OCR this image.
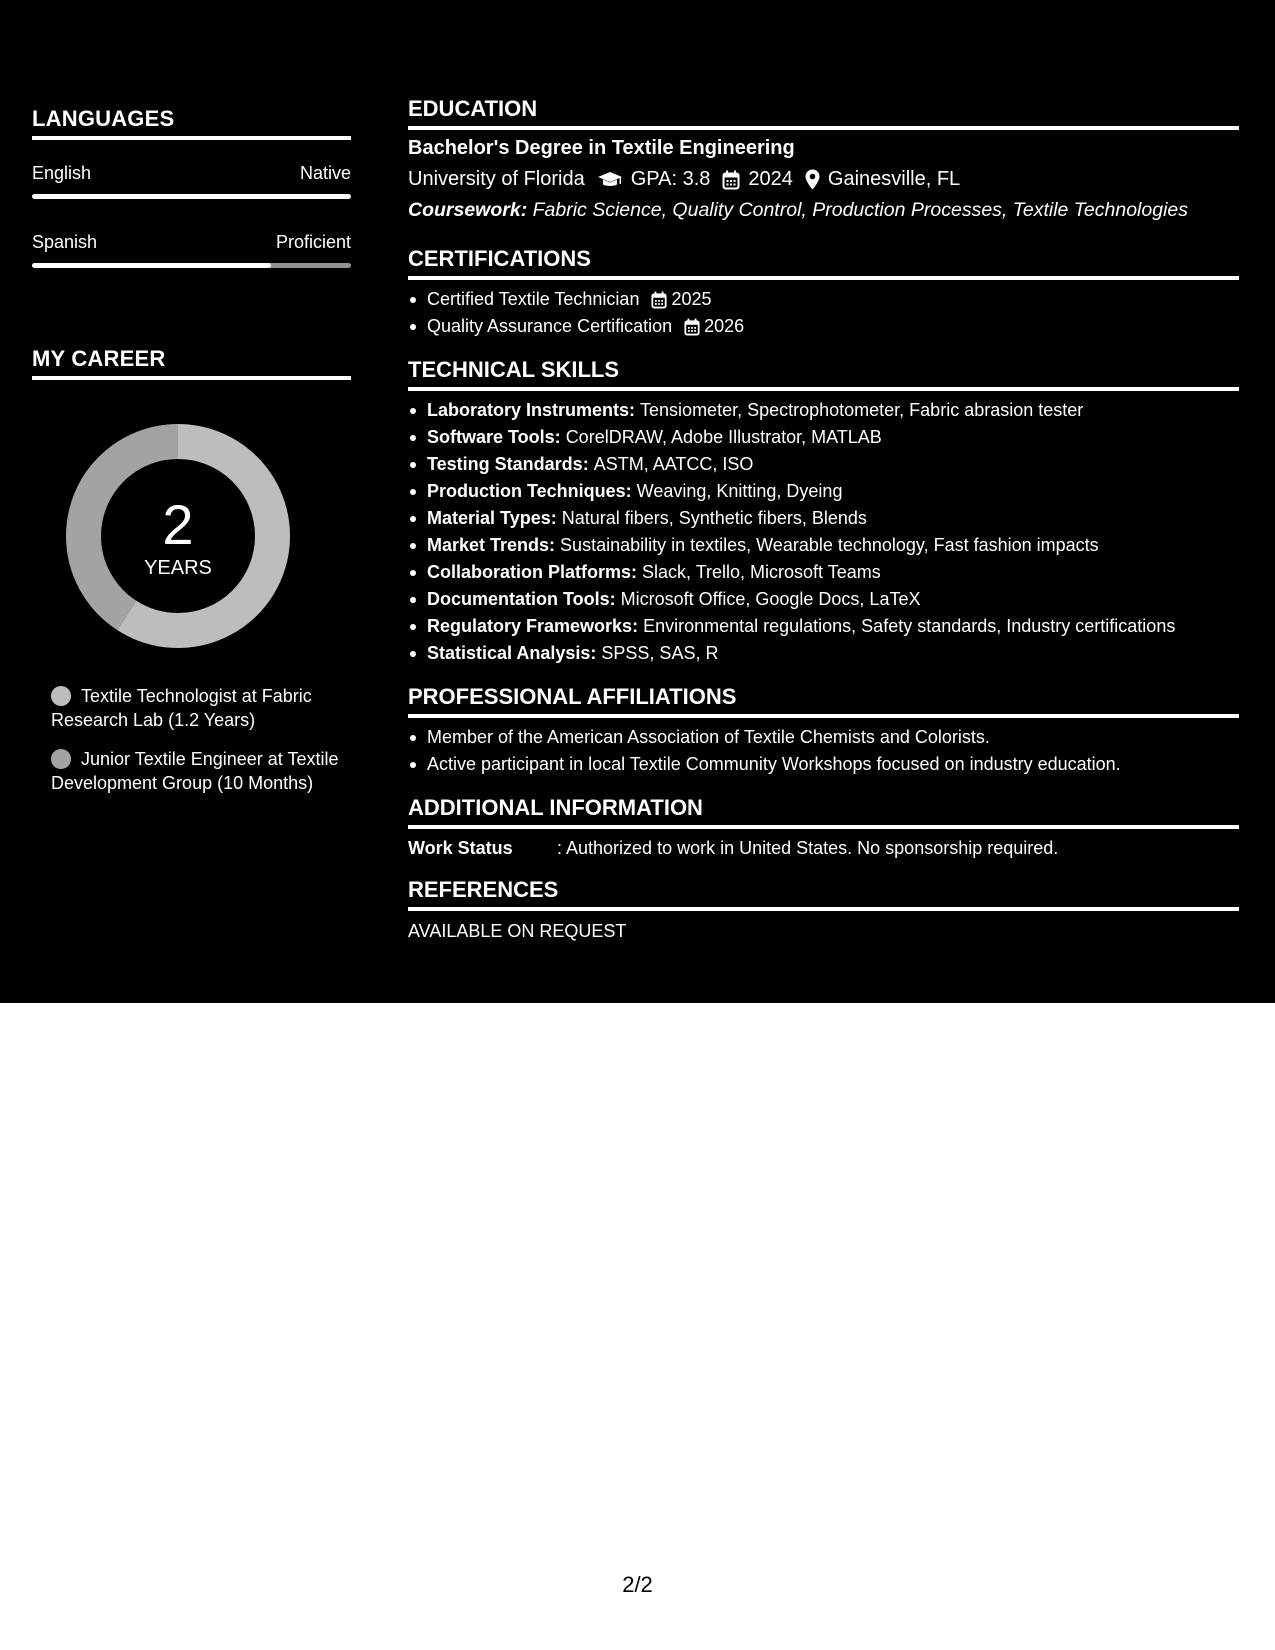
LANGUAGES
English	Native
Spanish	Proficient
MY CAREER
2
YEARS
Textile Technologist at Fabric Research Lab (1.2 Years)
Junior Textile Engineer at Textile Development Group (10 Months)
EDUCATION
Bachelor's Degree in Textile Engineering
University of Florida GPA: 3.8 2024 Gainesville, FL
Coursework: Fabric Science, Quality Control, Production Processes, Textile Technologies
CERTIFICATIONS
Certified Textile Technician 2025
Quality Assurance Certification 2026
TECHNICAL SKILLS
Laboratory Instruments: Tensiometer, Spectrophotometer, Fabric abrasion tester
Software Tools: CorelDRAW, Adobe Illustrator, MATLAB
Testing Standards: ASTM, AATCC, ISO
Production Techniques: Weaving, Knitting, Dyeing
Material Types: Natural fibers, Synthetic fibers, Blends
Market Trends: Sustainability in textiles, Wearable technology, Fast fashion impacts
Collaboration Platforms: Slack, Trello, Microsoft Teams
Documentation Tools: Microsoft Office, Google Docs, LaTeX
Regulatory Frameworks: Environmental regulations, Safety standards, Industry certifications
Statistical Analysis: SPSS, SAS, R
PROFESSIONAL AFFILIATIONS
Member of the American Association of Textile Chemists and Colorists.
Active participant in local Textile Community Workshops focused on industry education.
ADDITIONAL INFORMATION
Work Status : Authorized to work in United States. No sponsorship required.
REFERENCES
AVAILABLE ON REQUEST
2/2
